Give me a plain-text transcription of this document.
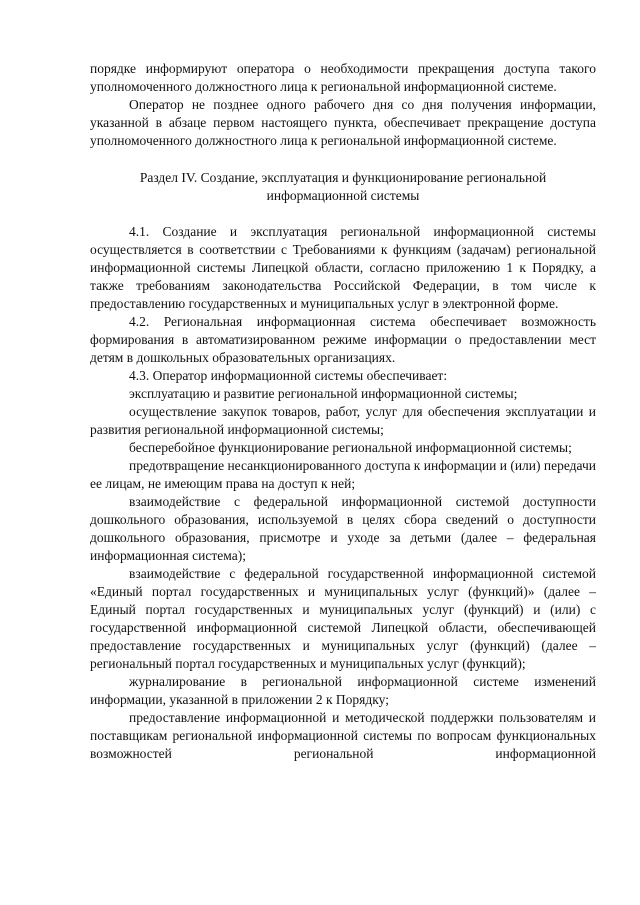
порядке информируют оператора о необходимости прекращения доступа такого уполномоченного должностного лица к региональной информационной системе.

Оператор не позднее одного рабочего дня со дня получения информации, указанной в абзаце первом настоящего пункта, обеспечивает прекращение доступа уполномоченного должностного лица к региональной информационной системе.

Раздел IV. Создание, эксплуатация и функционирование региональной информационной системы

4.1. Создание и эксплуатация региональной информационной системы осуществляется в соответствии с Требованиями к функциям (задачам) региональной информационной системы Липецкой области, согласно приложению 1 к Порядку, а также требованиям законодательства Российской Федерации, в том числе к предоставлению государственных и муниципальных услуг в электронной форме.

4.2. Региональная информационная система обеспечивает возможность формирования в автоматизированном режиме информации о предоставлении мест детям в дошкольных образовательных организациях.

4.3. Оператор информационной системы обеспечивает:

эксплуатацию и развитие региональной информационной системы;

осуществление закупок товаров, работ, услуг для обеспечения эксплуатации и развития региональной информационной системы;

бесперебойное функционирование региональной информационной системы;

предотвращение несанкционированного доступа к информации и (или) передачи ее лицам, не имеющим права на доступ к ней;

взаимодействие с федеральной информационной системой доступности дошкольного образования, используемой в целях сбора сведений о доступности дошкольного образования, присмотре и уходе за детьми (далее – федеральная информационная система);

взаимодействие с федеральной государственной информационной системой «Единый портал государственных и муниципальных услуг (функций)» (далее – Единый портал государственных и муниципальных услуг (функций) и (или) с государственной информационной системой Липецкой области, обеспечивающей предоставление государственных и муниципальных услуг (функций) (далее – региональный портал государственных и муниципальных услуг (функций);

журналирование в региональной информационной системе изменений информации, указанной в приложении 2 к Порядку;

предоставление информационной и методической поддержки пользователям и поставщикам региональной информационной системы по вопросам функциональных возможностей региональной информационной
